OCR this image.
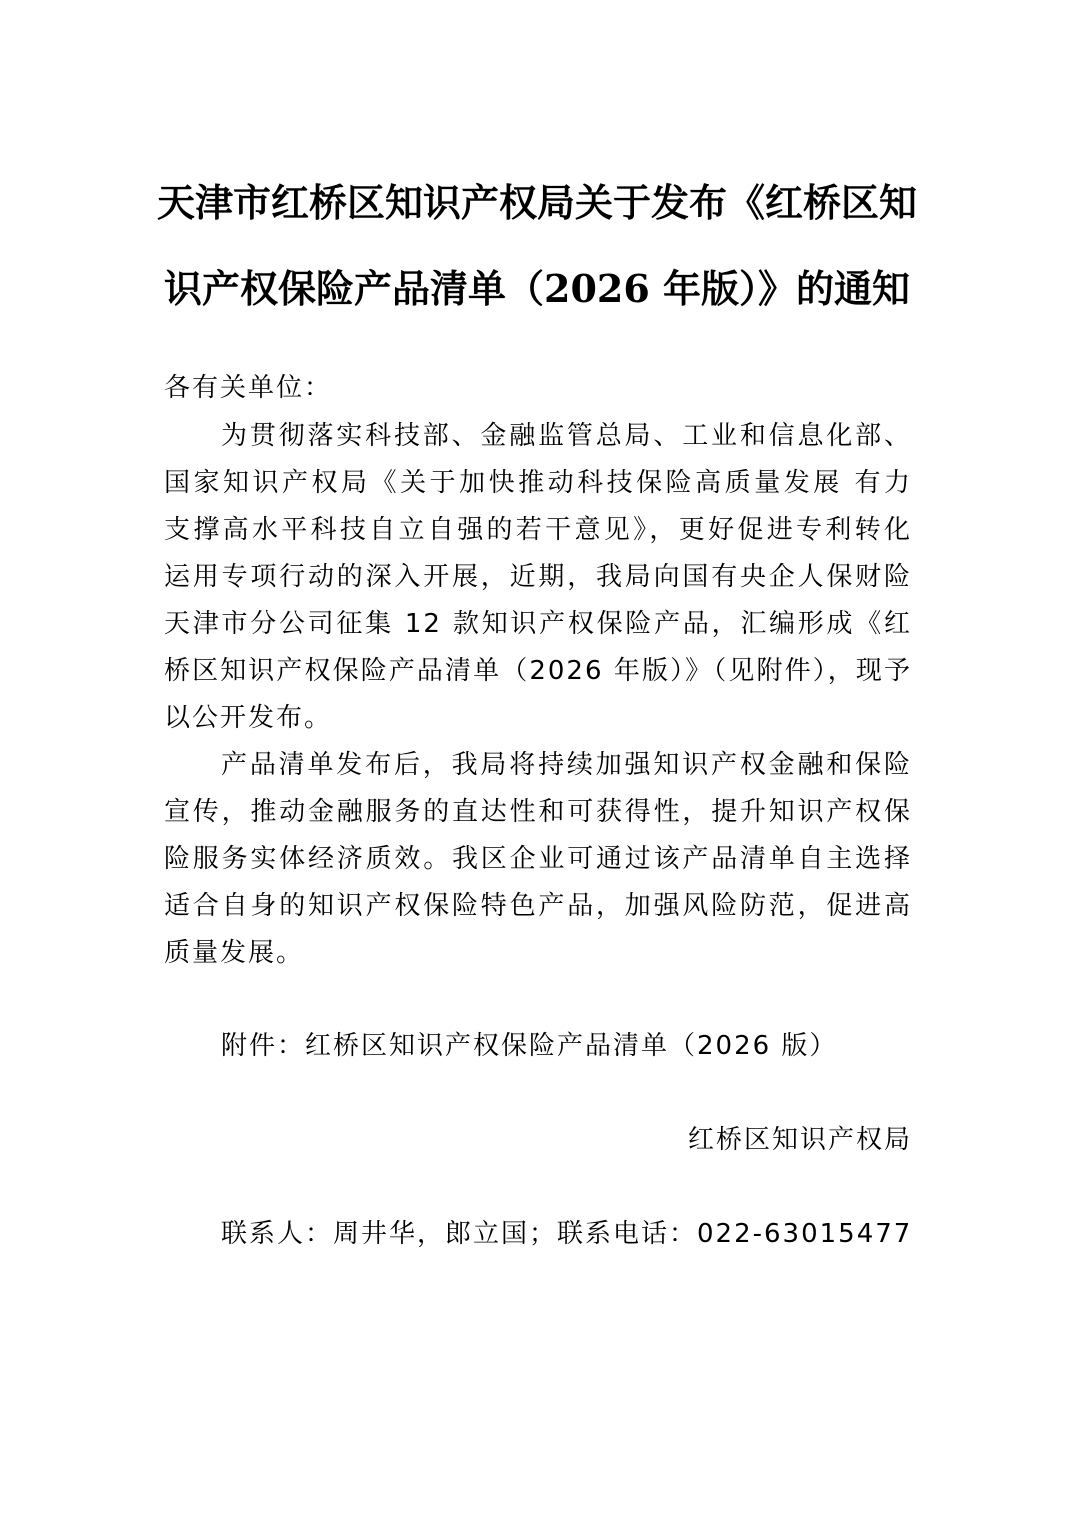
天津市红桥区知识产权局关于发布《红桥区知
识产权保险产品清单（2026 年版）》的通知

各有关单位：

为贯彻落实科技部、金融监管总局、工业和信息化部、

国家知识产权局《关于加快推动科技保险高质量发展 有力

支撑高水平科技自立自强的若干意见》，更好促进专利转化

运用专项行动的深入开展，近期，我局向国有央企人保财险

天津市分公司征集 12 款知识产权保险产品，汇编形成《红

桥区知识产权保险产品清单（2026 年版）》（见附件），现予

以公开发布。

产品清单发布后，我局将持续加强知识产权金融和保险

宣传，推动金融服务的直达性和可获得性，提升知识产权保

险服务实体经济质效。我区企业可通过该产品清单自主选择

适合自身的知识产权保险特色产品，加强风险防范，促进高

质量发展。

附件：红桥区知识产权保险产品清单（2026 版）

红桥区知识产权局

联系人：周井华，郎立国；联系电话：022-63015477
